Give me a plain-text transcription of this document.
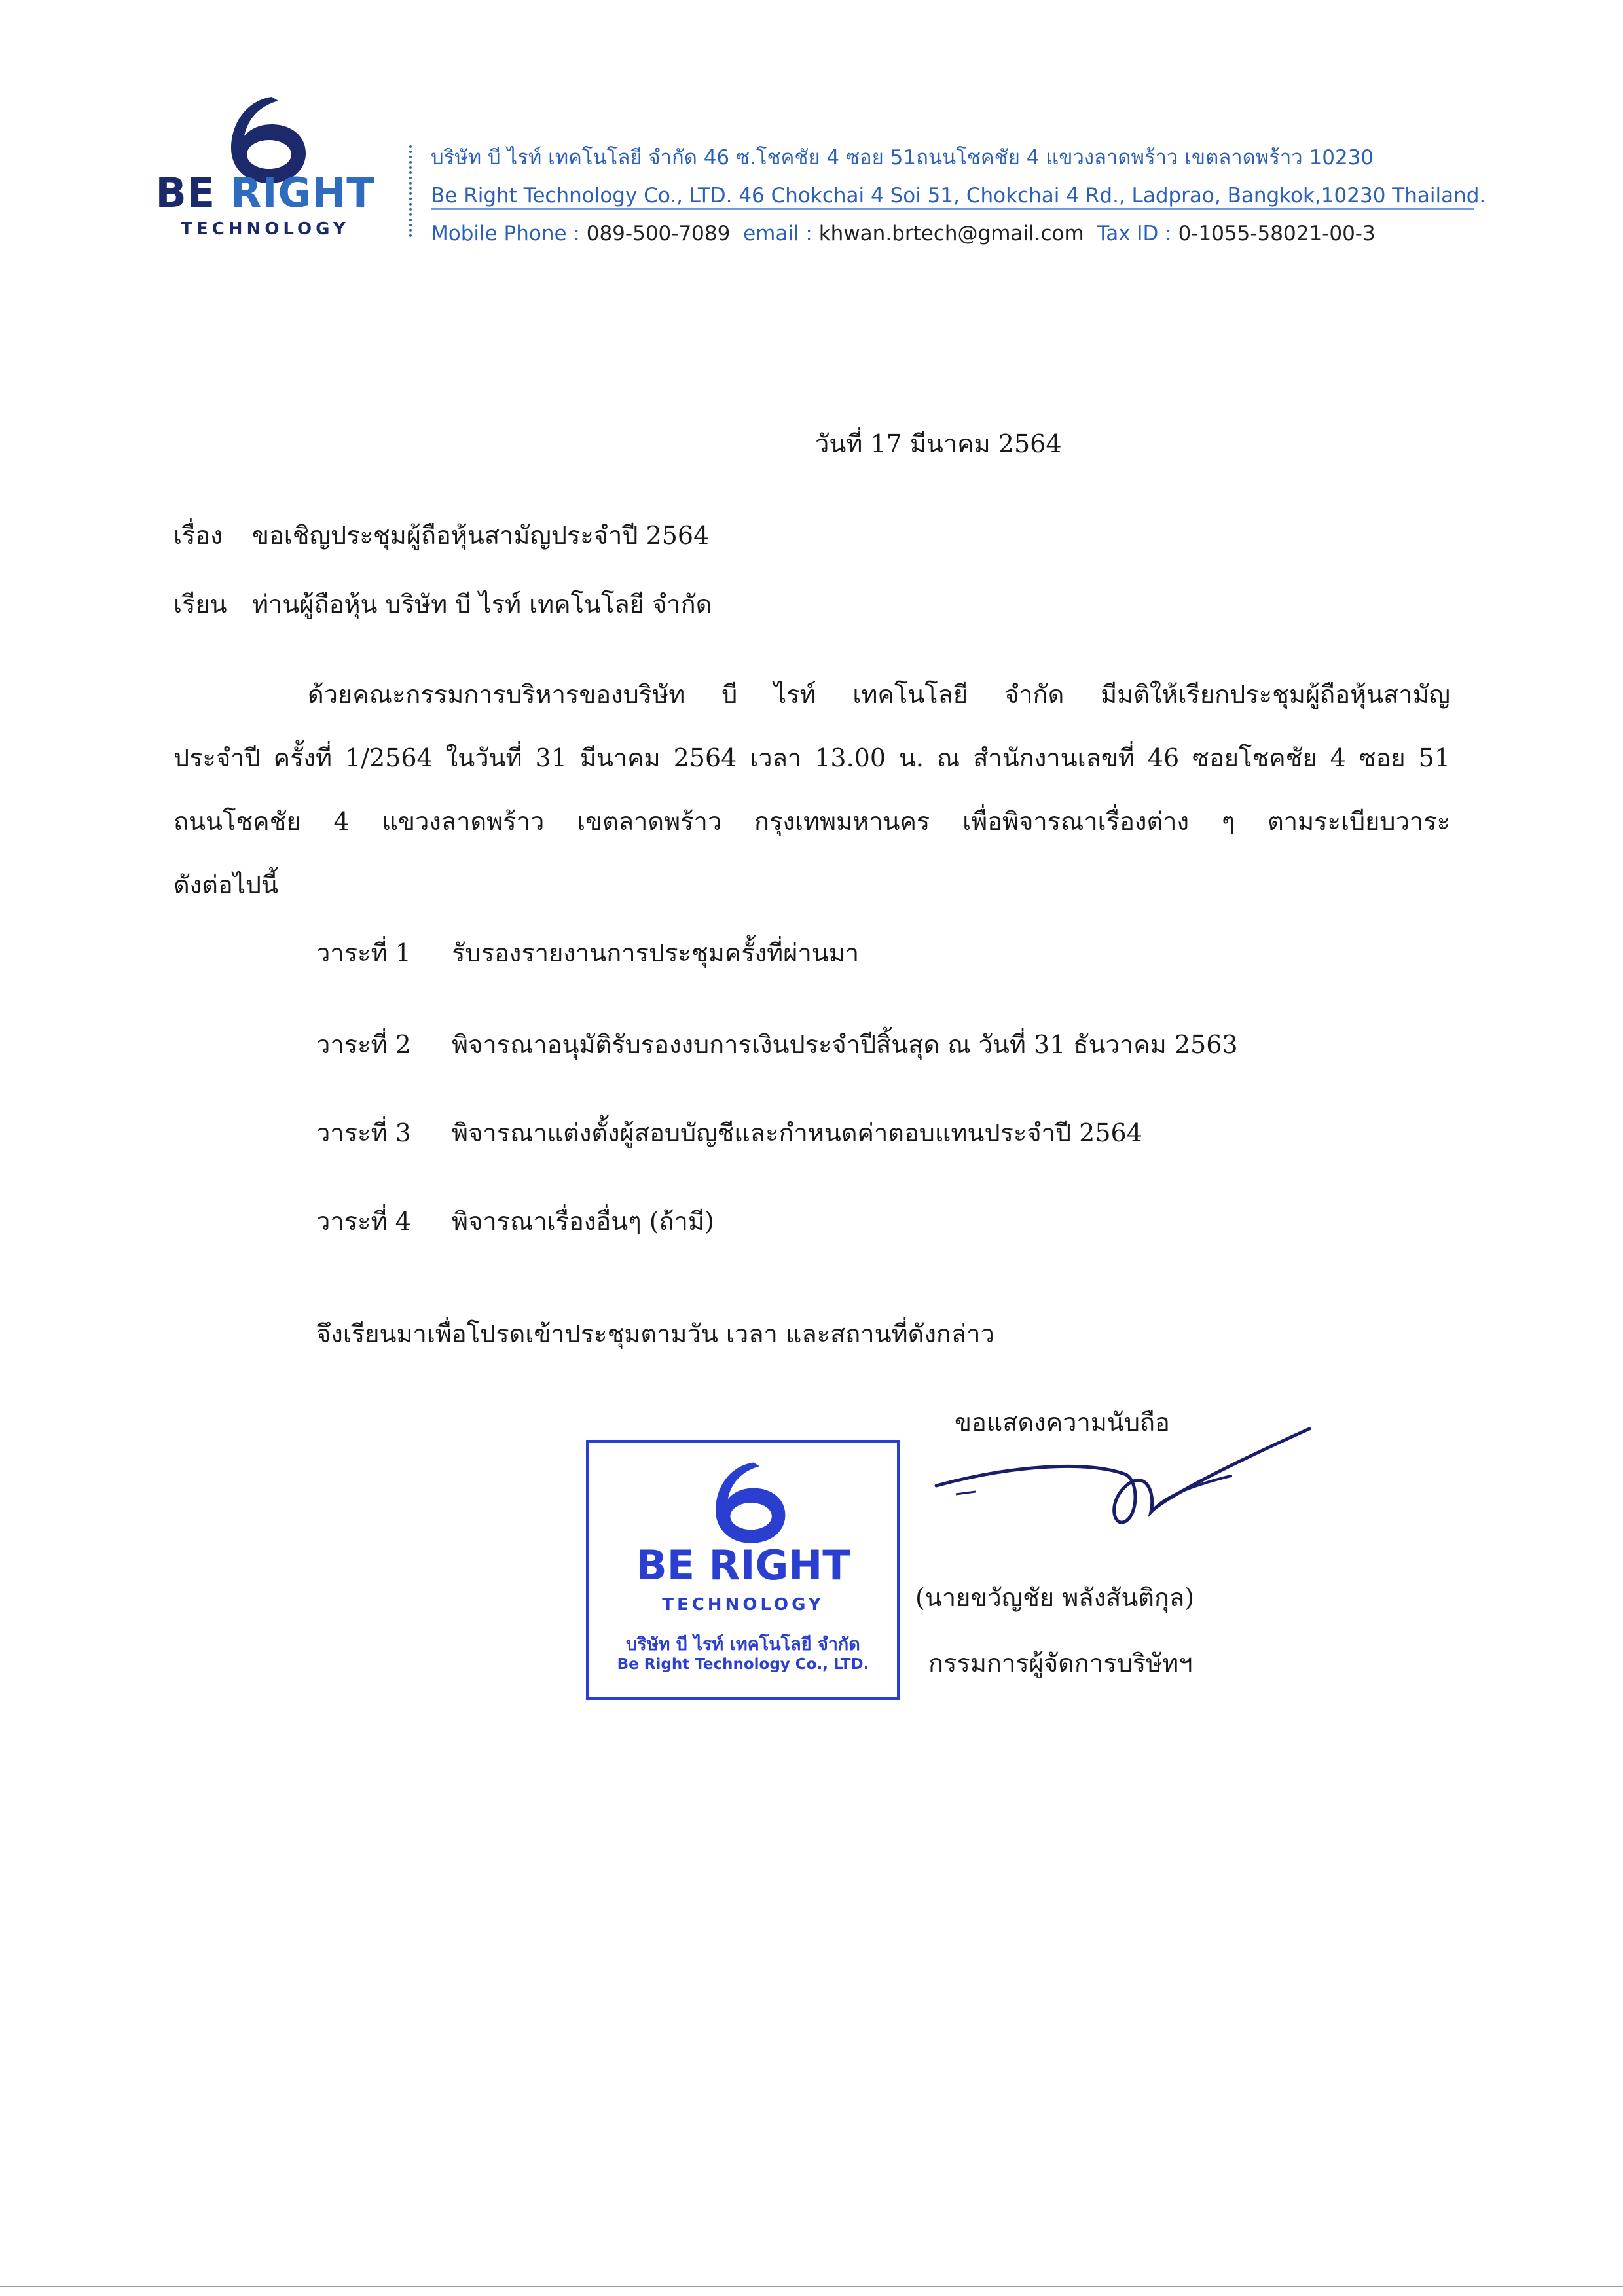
BE RIGHT
TECHNOLOGY
บริษัท บี ไรท์ เทคโนโลยี จำกัด 46 ซ.โชคชัย 4 ซอย 51ถนนโชคชัย 4 แขวงลาดพร้าว เขตลาดพร้าว 10230
Be Right Technology Co., LTD. 46 Chokchai 4 Soi 51, Chokchai 4 Rd., Ladprao, Bangkok,10230 Thailand.
Mobile Phone : 089-500-7089 email : khwan.brtech@gmail.com Tax ID : 0-1055-58021-00-3
วันที่ 17 มีนาคม 2564
เรื่อง ขอเชิญประชุมผู้ถือหุ้นสามัญประจำปี 2564
เรียน ท่านผู้ถือหุ้น บริษัท บี ไรท์ เทคโนโลยี จำกัด
ด้วยคณะกรรมการบริหารของบริษัท บี ไรท์ เทคโนโลยี จำกัด มีมติให้เรียกประชุมผู้ถือหุ้นสามัญ
ประจำปี ครั้งที่ 1/2564 ในวันที่ 31 มีนาคม 2564 เวลา 13.00 น. ณ สำนักงานเลขที่ 46 ซอยโชคชัย 4 ซอย 51
ถนนโชคชัย 4 แขวงลาดพร้าว เขตลาดพร้าว กรุงเทพมหานคร เพื่อพิจารณาเรื่องต่าง ๆ ตามระเบียบวาระ
ดังต่อไปนี้
วาระที่ 1 รับรองรายงานการประชุมครั้งที่ผ่านมา
วาระที่ 2 พิจารณาอนุมัติรับรองงบการเงินประจำปีสิ้นสุด ณ วันที่ 31 ธันวาคม 2563
วาระที่ 3 พิจารณาแต่งตั้งผู้สอบบัญชีและกำหนดค่าตอบแทนประจำปี 2564
วาระที่ 4 พิจารณาเรื่องอื่นๆ (ถ้ามี)
จึงเรียนมาเพื่อโปรดเข้าประชุมตามวัน เวลา และสถานที่ดังกล่าว
ขอแสดงความนับถือ
(นายขวัญชัย พลังสันติกุล)
กรรมการผู้จัดการบริษัทฯ
BE RIGHT
TECHNOLOGY
บริษัท บี ไรท์ เทคโนโลยี จำกัด
Be Right Technology Co., LTD.
